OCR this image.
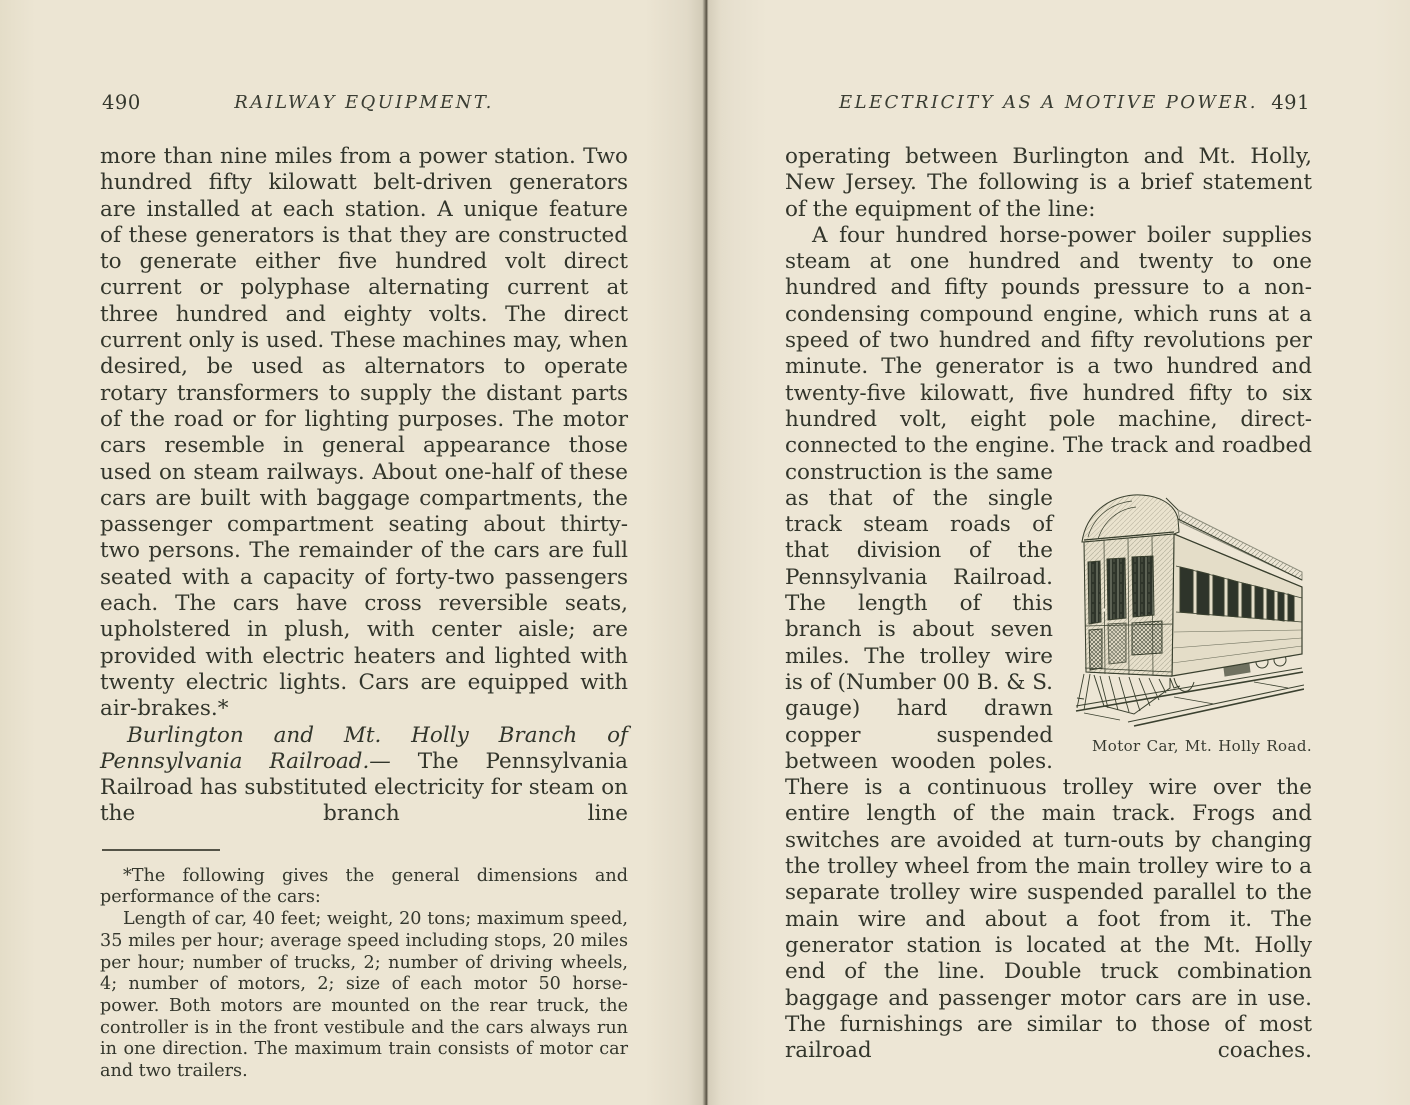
490	RAILWAY EQUIPMENT.

more than nine miles from a power station. Two hundred fifty kilowatt belt-driven generators are installed at each station. A unique feature of these generators is that they are constructed to generate either five hundred volt direct current or polyphase alternating current at three hundred and eighty volts. The direct current only is used. These machines may, when desired, be used as alternators to operate rotary transformers to supply the distant parts of the road or for lighting purposes. The motor cars resemble in general appearance those used on steam railways. About one-half of these cars are built with baggage compartments, the passenger compartment seating about thirty-two persons. The remainder of the cars are full seated with a capacity of forty-two passengers each. The cars have cross reversible seats, upholstered in plush, with center aisle; are provided with electric heaters and lighted with twenty electric lights. Cars are equipped with air-brakes.*

Burlington and Mt. Holly Branch of Pennsylvania Railroad.— The Pennsylvania Railroad has substituted electricity for steam on the branch line

*The following gives the general dimensions and performance of the cars:

Length of car, 40 feet; weight, 20 tons; maximum speed, 35 miles per hour; average speed including stops, 20 miles per hour; number of trucks, 2; number of driving wheels, 4; number of motors, 2; size of each motor 50 horse-power. Both motors are mounted on the rear truck, the controller is in the front vestibule and the cars always run in one direction. The maximum train consists of motor car and two trailers.

ELECTRICITY AS A MOTIVE POWER. 491

operating between Burlington and Mt. Holly, New Jersey. The following is a brief statement of the equipment of the line:

A four hundred horse-power boiler supplies steam at one hundred and twenty to one hundred and fifty pounds pressure to a non-condensing compound engine, which runs at a speed of two hundred and fifty revolutions per minute. The generator is a two hundred and twenty-five kilowatt, five hundred fifty to six hundred volt, eight pole machine, direct-connected to the engine. The
Motor Car, Mt. Holly Road.
track and roadbed construction is the same as that of the single track steam roads of that division of the Pennsylvania Railroad. The length of this branch is about seven miles. The trolley wire is of (Number 00 B. & S. gauge) hard drawn copper suspended between wooden poles. There is a continuous trolley wire over the entire length of the main track. Frogs and switches are avoided at turn-outs by changing the trolley wheel from the main trolley wire to a separate trolley wire suspended parallel to the main wire and about a foot from it. The generator station is located at the Mt. Holly end of the line. Double truck combination baggage and passenger motor cars are in use. The furnishings are similar to those of most railroad coaches.
